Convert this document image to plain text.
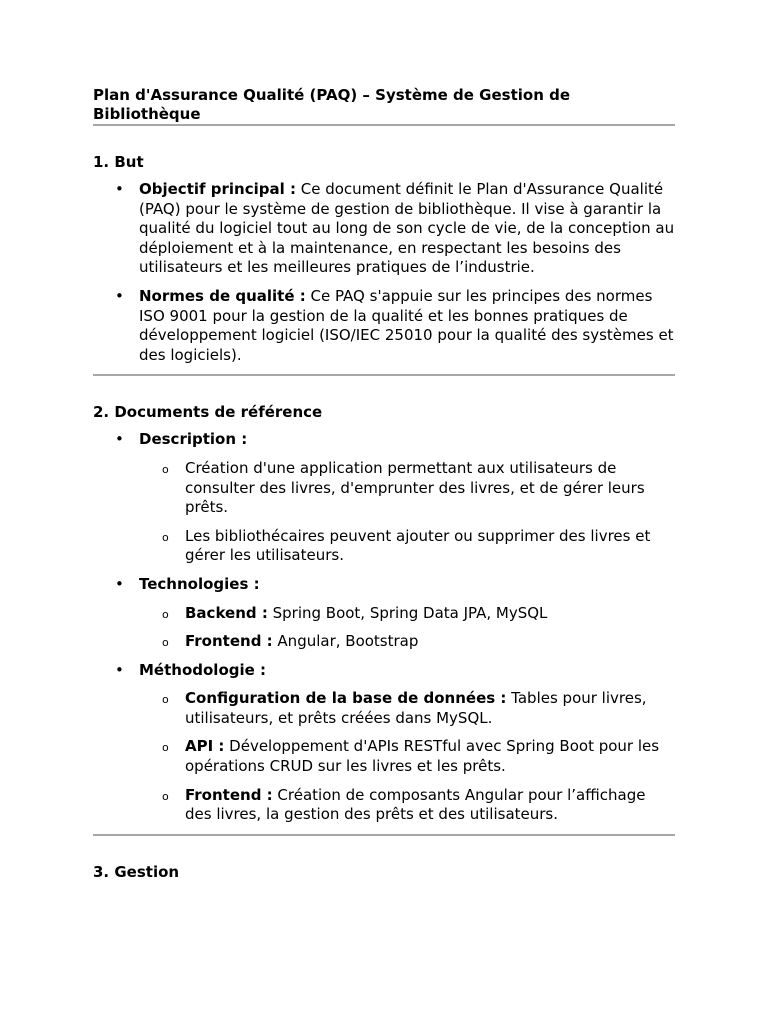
Plan d'Assurance Qualité (PAQ) – Système de Gestion de Bibliothèque
1. But
• Objectif principal : Ce document définit le Plan d'Assurance Qualité (PAQ) pour le système de gestion de bibliothèque. Il vise à garantir la qualité du logiciel tout au long de son cycle de vie, de la conception au déploiement et à la maintenance, en respectant les besoins des utilisateurs et les meilleures pratiques de l’industrie.
• Normes de qualité : Ce PAQ s'appuie sur les principes des normes ISO 9001 pour la gestion de la qualité et les bonnes pratiques de développement logiciel (ISO/IEC 25010 pour la qualité des systèmes et des logiciels).
2. Documents de référence
• Description :
o Création d'une application permettant aux utilisateurs de consulter des livres, d'emprunter des livres, et de gérer leurs prêts.
o Les bibliothécaires peuvent ajouter ou supprimer des livres et gérer les utilisateurs.
• Technologies :
o Backend : Spring Boot, Spring Data JPA, MySQL
o Frontend : Angular, Bootstrap
• Méthodologie :
o Configuration de la base de données : Tables pour livres, utilisateurs, et prêts créées dans MySQL.
o API : Développement d'APIs RESTful avec Spring Boot pour les opérations CRUD sur les livres et les prêts.
o Frontend : Création de composants Angular pour l’affichage des livres, la gestion des prêts et des utilisateurs.
3. Gestion
